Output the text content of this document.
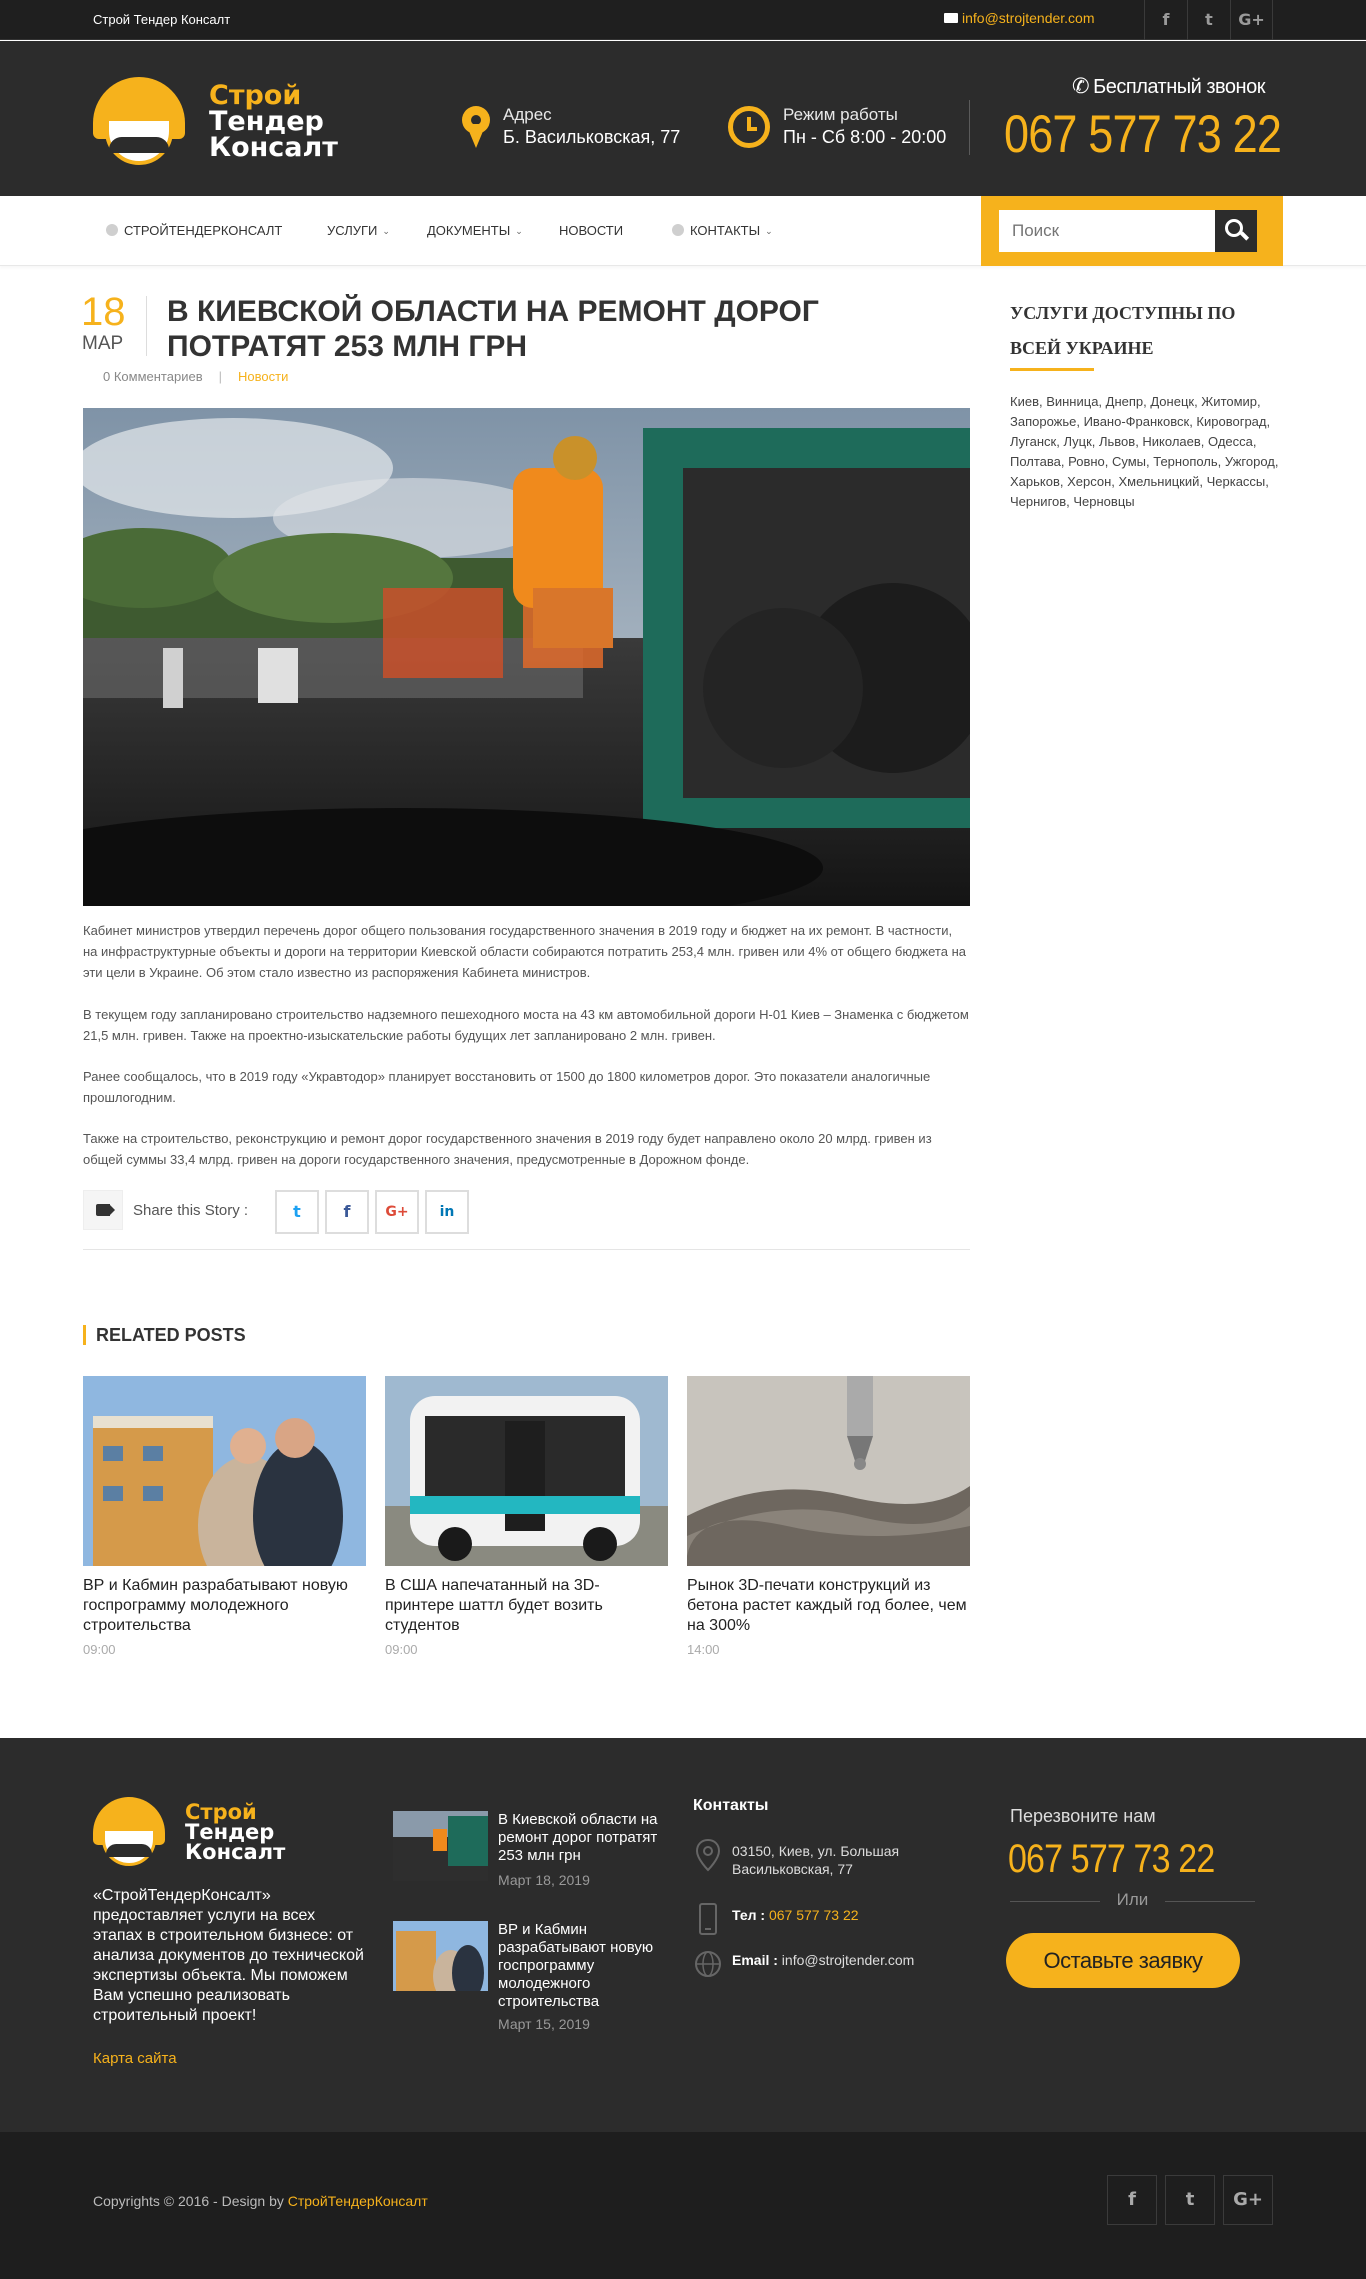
Строй Тендер Консалт	info@strojtender.com	f	t	G+
Строй
Тендер
Консалт
Адрес
Б. Васильковская, 77
Режим работы
Пн - Сб 8:00 - 20:00
✆ Бесплатный звонок
067 577 73 22
СТРОЙТЕНДЕРКОНСАЛТ	УСЛУГИ ⌄	ДОКУМЕНТЫ ⌄	НОВОСТИ	КОНТАКТЫ ⌄
Поиск
18
МАР
В КИЕВСКОЙ ОБЛАСТИ НА РЕМОНТ ДОРОГ ПОТРАТЯТ 253 МЛН ГРН
0 Комментариев | Новости

Кабинет министров утвердил перечень дорог общего пользования государственного значения в 2019 году и бюджет на их ремонт. В частности, на инфраструктурные объекты и дороги на территории Киевской области собираются потратить 253,4 млн. гривен или 4% от общего бюджета на эти цели в Украине. Об этом стало известно из распоряжения Кабинета министров.

В текущем году запланировано строительство надземного пешеходного моста на 43 км автомобильной дороги Н-01 Киев – Знаменка с бюджетом 21,5 млн. гривен. Также на проектно-изыскательские работы будущих лет запланировано 2 млн. гривен.

Ранее сообщалось, что в 2019 году «Укравтодор» планирует восстановить от 1500 до 1800 километров дорог. Это показатели аналогичные прошлогодним.

Также на строительство, реконструкцию и ремонт дорог государственного значения в 2019 году будет направлено около 20 млрд. гривен из общей суммы 33,4 млрд. гривен на дороги государственного значения, предусмотренные в Дорожном фонде.

Share this Story :	t	f	G+	in
RELATED POSTS
ВР и Кабмин разрабатывают новую госпрограмму молодежного строительства
09:00
В США напечатанный на 3D-принтере шаттл будет возить студентов
09:00
Рынок 3D-печати конструкций из бетона растет каждый год более, чем на 300%
14:00
УСЛУГИ ДОСТУПНЫ ПО ВСЕЙ УКРАИНЕ

Киев, Винница, Днепр, Донецк, Житомир, Запорожье, Ивано-Франковск, Кировоград, Луганск, Луцк, Львов, Николаев, Одесса, Полтава, Ровно, Сумы, Тернополь, Ужгород, Харьков, Херсон, Хмельницкий, Черкассы, Чернигов, Черновцы

Строй
Тендер
Консалт

«СтройТендерКонсалт» предоставляет услуги на всех этапах в строительном бизнесе: от анализа документов до технической экспертизы объекта. Мы поможем Вам успешно реализовать строительный проект!

Карта сайта
В Киевской области на ремонт дорог потратят 253 млн грн
Март 18, 2019
ВР и Кабмин разрабатывают новую госпрограмму молодежного строительства
Март 15, 2019
Контакты
03150, Киев, ул. Большая Васильковская, 77
Тел : 067 577 73 22
Email : info@strojtender.com
Перезвоните нам
067 577 73 22
Или
Оставьте заявку
Copyrights © 2016 - Design by СтройТендерКонсалт	f	t	G+
